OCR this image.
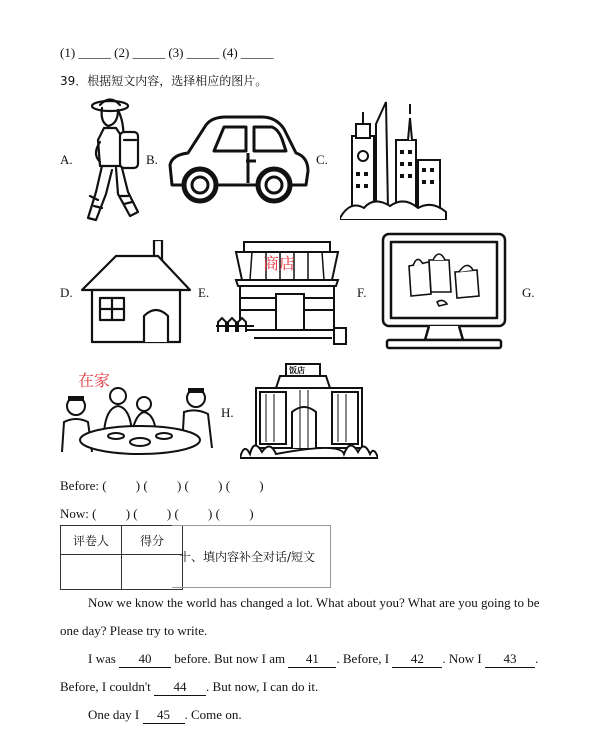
(1) _____ (2) _____ (3) _____ (4) _____
39．根据短文内容，选择相应的图片。
A.	B.	C.
D.	E.	F.	G.
商店
在家
H.
饭店
Before: (　　 ) (　　 ) (　　 ) (　　 )
Now: (　　 ) (　　 ) (　　 ) (　　 )
评卷人	得分

十、填内容补全对话/短文
Now we know the world has changed a lot. What about you? What are you going to be
one day? Please try to write.
I was 40 before. But now I am 41 . Before, I 42 . Now I 43 .
Before, I couldn't 44 . But now, I can do it.
One day I 45 . Come on.
